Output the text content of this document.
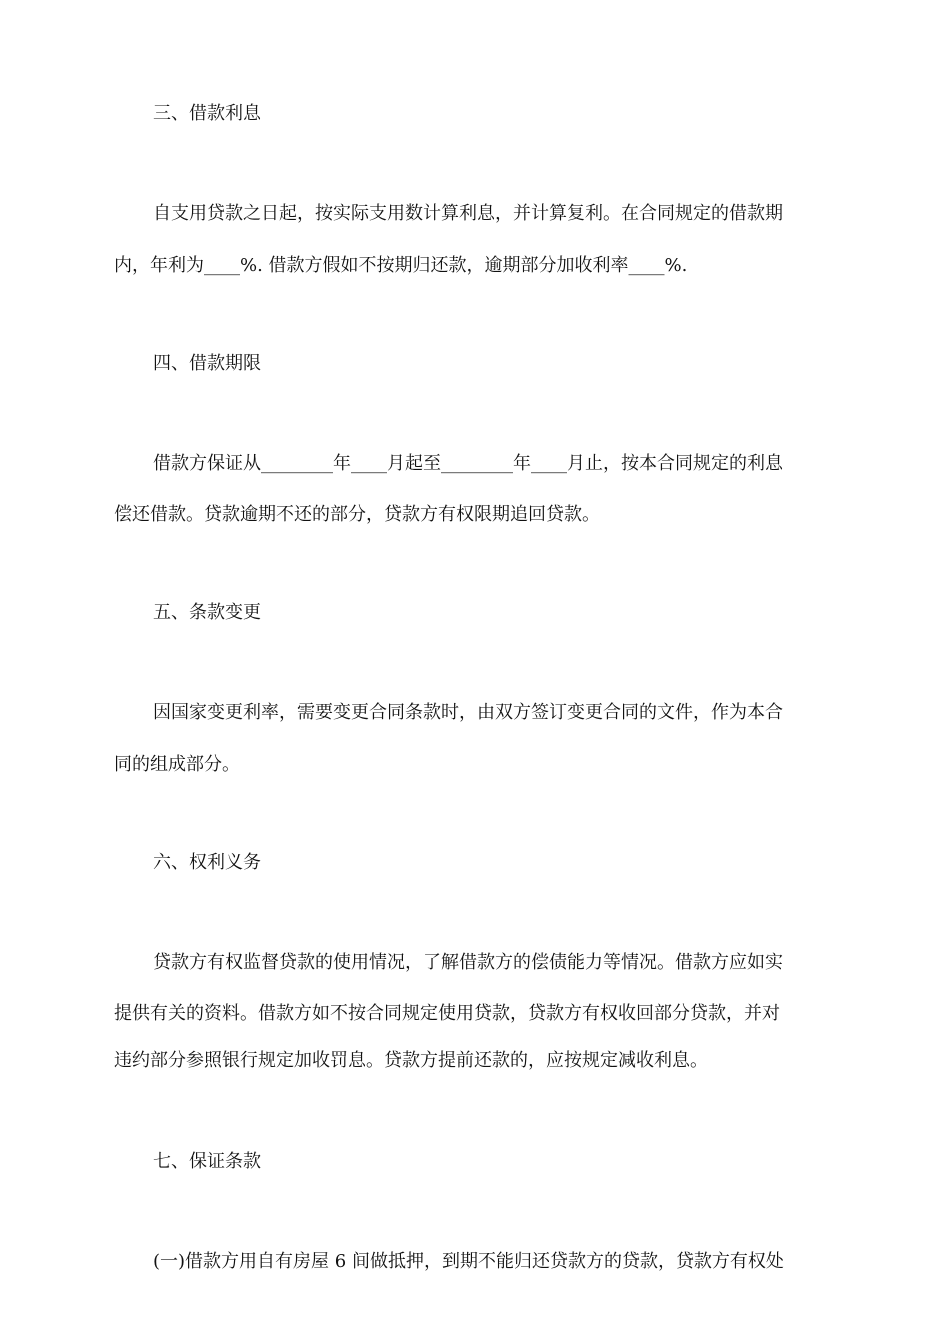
三、借款利息
自支用贷款之日起，按实际支用数计算利息，并计算复利。在合同规定的借款期
内，年利为____%. 借款方假如不按期归还款，逾期部分加收利率____%.
四、借款期限
借款方保证从________年____月起至________年____月止，按本合同规定的利息
偿还借款。贷款逾期不还的部分，贷款方有权限期追回贷款。
五、条款变更
因国家变更利率，需要变更合同条款时，由双方签订变更合同的文件，作为本合
同的组成部分。
六、权利义务
贷款方有权监督贷款的使用情况，了解借款方的偿债能力等情况。借款方应如实
提供有关的资料。借款方如不按合同规定使用贷款，贷款方有权收回部分贷款，并对
违约部分参照银行规定加收罚息。贷款方提前还款的，应按规定减收利息。
七、保证条款
(一)借款方用自有房屋 6 间做抵押，到期不能归还贷款方的贷款，贷款方有权处
